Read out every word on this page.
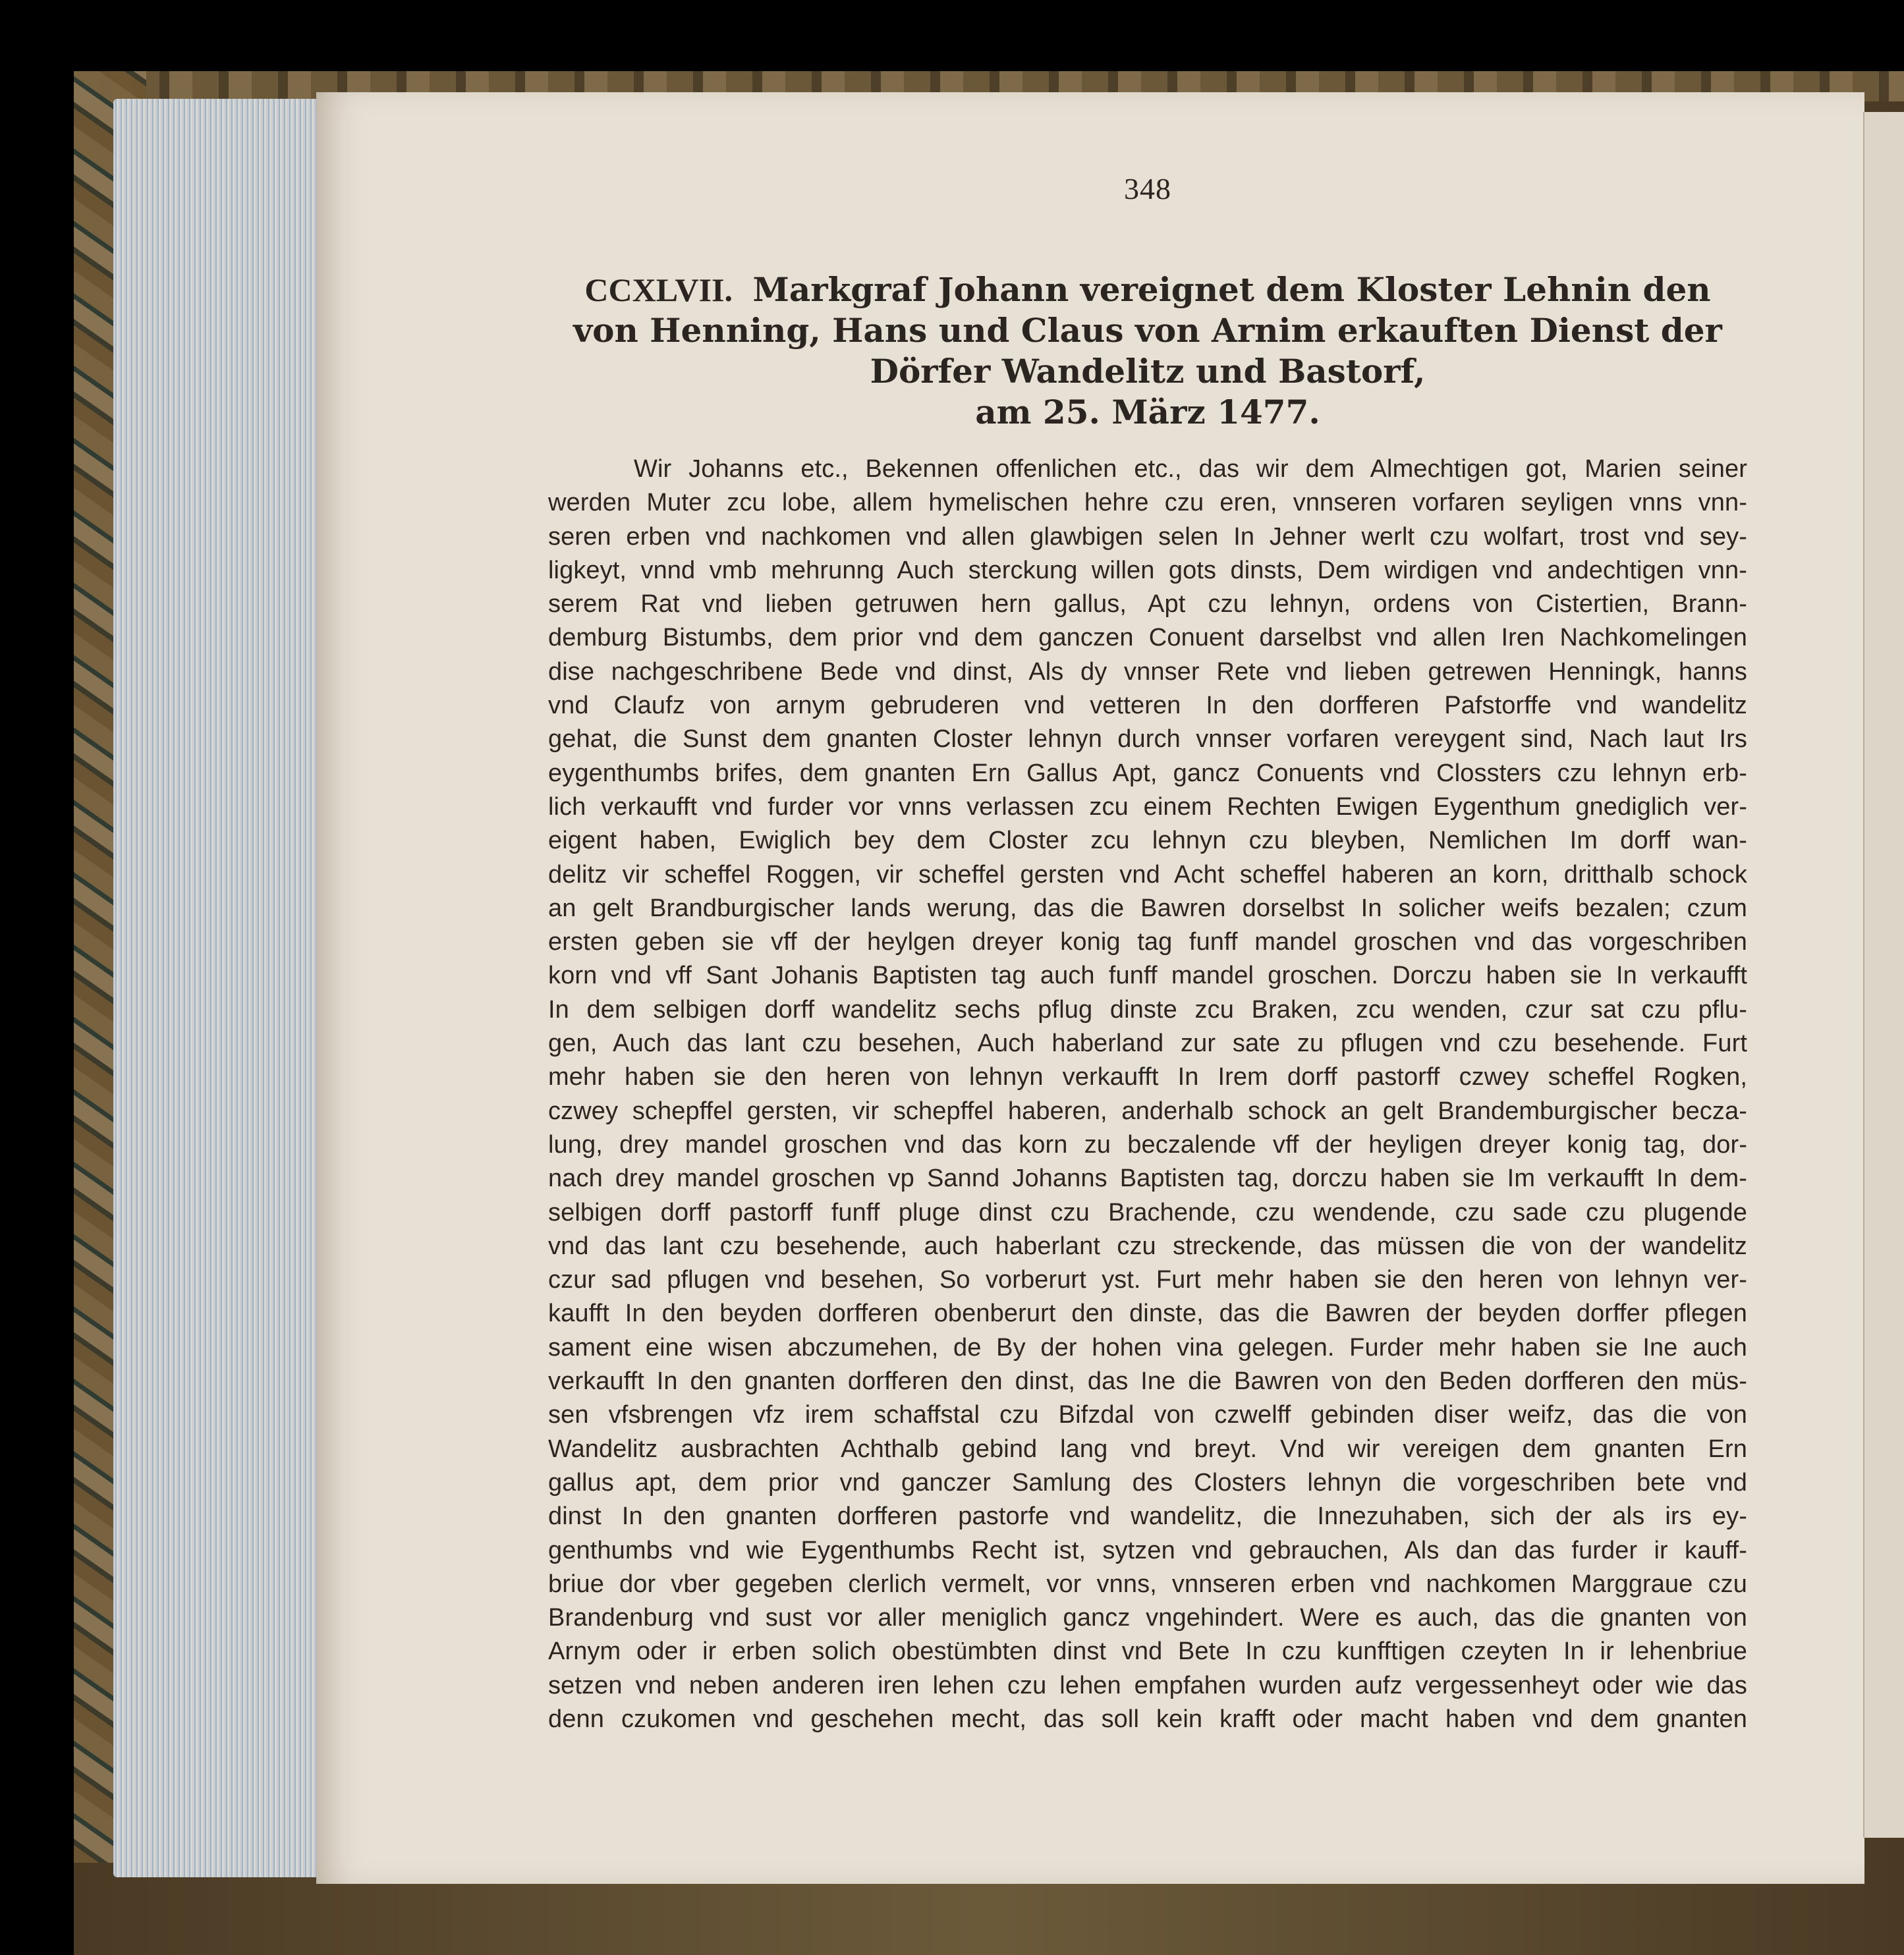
348
CCXLVII. Markgraf Johann vereignet dem Kloster Lehnin den von Henning, Hans und Claus von Arnim erkauften Dienst der Dörfer Wandelitz und Bastorf,
am 25. März 1477.
Wir Johanns etc., Bekennen offenlichen etc., das wir dem Almechtigen got, Marien seiner
werden Muter zcu lobe, allem hymelischen hehre czu eren, vnnseren vorfaren seyligen vnns vnn-
seren erben vnd nachkomen vnd allen glawbigen selen In Jehner werlt czu wolfart, trost vnd sey-
ligkeyt, vnnd vmb mehrunng Auch sterckung willen gots dinsts, Dem wirdigen vnd andechtigen vnn-
serem Rat vnd lieben getruwen hern gallus, Apt czu lehnyn, ordens von Cistertien, Brann-
demburg Bistumbs, dem prior vnd dem ganczen Conuent darselbst vnd allen Iren Nachkomelingen
dise nachgeschribene Bede vnd dinst, Als dy vnnser Rete vnd lieben getrewen Henningk, hanns
vnd Claufz von arnym gebruderen vnd vetteren In den dorfferen Pafstorffe vnd wandelitz
gehat, die Sunst dem gnanten Closter lehnyn durch vnnser vorfaren vereygent sind, Nach laut Irs
eygenthumbs brifes, dem gnanten Ern Gallus Apt, gancz Conuents vnd Clossters czu lehnyn erb-
lich verkaufft vnd furder vor vnns verlassen zcu einem Rechten Ewigen Eygenthum gnediglich ver-
eigent haben, Ewiglich bey dem Closter zcu lehnyn czu bleyben, Nemlichen Im dorff wan-
delitz vir scheffel Roggen, vir scheffel gersten vnd Acht scheffel haberen an korn, dritthalb schock
an gelt Brandburgischer lands werung, das die Bawren dorselbst In solicher weifs bezalen; czum
ersten geben sie vff der heylgen dreyer konig tag funff mandel groschen vnd das vorgeschriben
korn vnd vff Sant Johanis Baptisten tag auch funff mandel groschen. Dorczu haben sie In verkaufft
In dem selbigen dorff wandelitz sechs pflug dinste zcu Braken, zcu wenden, czur sat czu pflu-
gen, Auch das lant czu besehen, Auch haberland zur sate zu pflugen vnd czu besehende. Furt
mehr haben sie den heren von lehnyn verkaufft In Irem dorff pastorff czwey scheffel Rogken,
czwey schepffel gersten, vir schepffel haberen, anderhalb schock an gelt Brandemburgischer becza-
lung, drey mandel groschen vnd das korn zu beczalende vff der heyligen dreyer konig tag, dor-
nach drey mandel groschen vp Sannd Johanns Baptisten tag, dorczu haben sie Im verkaufft In dem-
selbigen dorff pastorff funff pluge dinst czu Brachende, czu wendende, czu sade czu plugende
vnd das lant czu besehende, auch haberlant czu streckende, das müssen die von der wandelitz
czur sad pflugen vnd besehen, So vorberurt yst. Furt mehr haben sie den heren von lehnyn ver-
kaufft In den beyden dorfferen obenberurt den dinste, das die Bawren der beyden dorffer pflegen
sament eine wisen abczumehen, de By der hohen vina gelegen. Furder mehr haben sie Ine auch
verkaufft In den gnanten dorfferen den dinst, das Ine die Bawren von den Beden dorfferen den müs-
sen vfsbrengen vfz irem schaffstal czu Bifzdal von czwelff gebinden diser weifz, das die von
Wandelitz ausbrachten Achthalb gebind lang vnd breyt. Vnd wir vereigen dem gnanten Ern
gallus apt, dem prior vnd ganczer Samlung des Closters lehnyn die vorgeschriben bete vnd
dinst In den gnanten dorfferen pastorfe vnd wandelitz, die Innezuhaben, sich der als irs ey-
genthumbs vnd wie Eygenthumbs Recht ist, sytzen vnd gebrauchen, Als dan das furder ir kauff-
briue dor vber gegeben clerlich vermelt, vor vnns, vnnseren erben vnd nachkomen Marggraue czu
Brandenburg vnd sust vor aller meniglich gancz vngehindert. Were es auch, das die gnanten von
Arnym oder ir erben solich obestümbten dinst vnd Bete In czu kunfftigen czeyten In ir lehenbriue
setzen vnd neben anderen iren lehen czu lehen empfahen wurden aufz vergessenheyt oder wie das
denn czukomen vnd geschehen mecht, das soll kein krafft oder macht haben vnd dem gnanten
